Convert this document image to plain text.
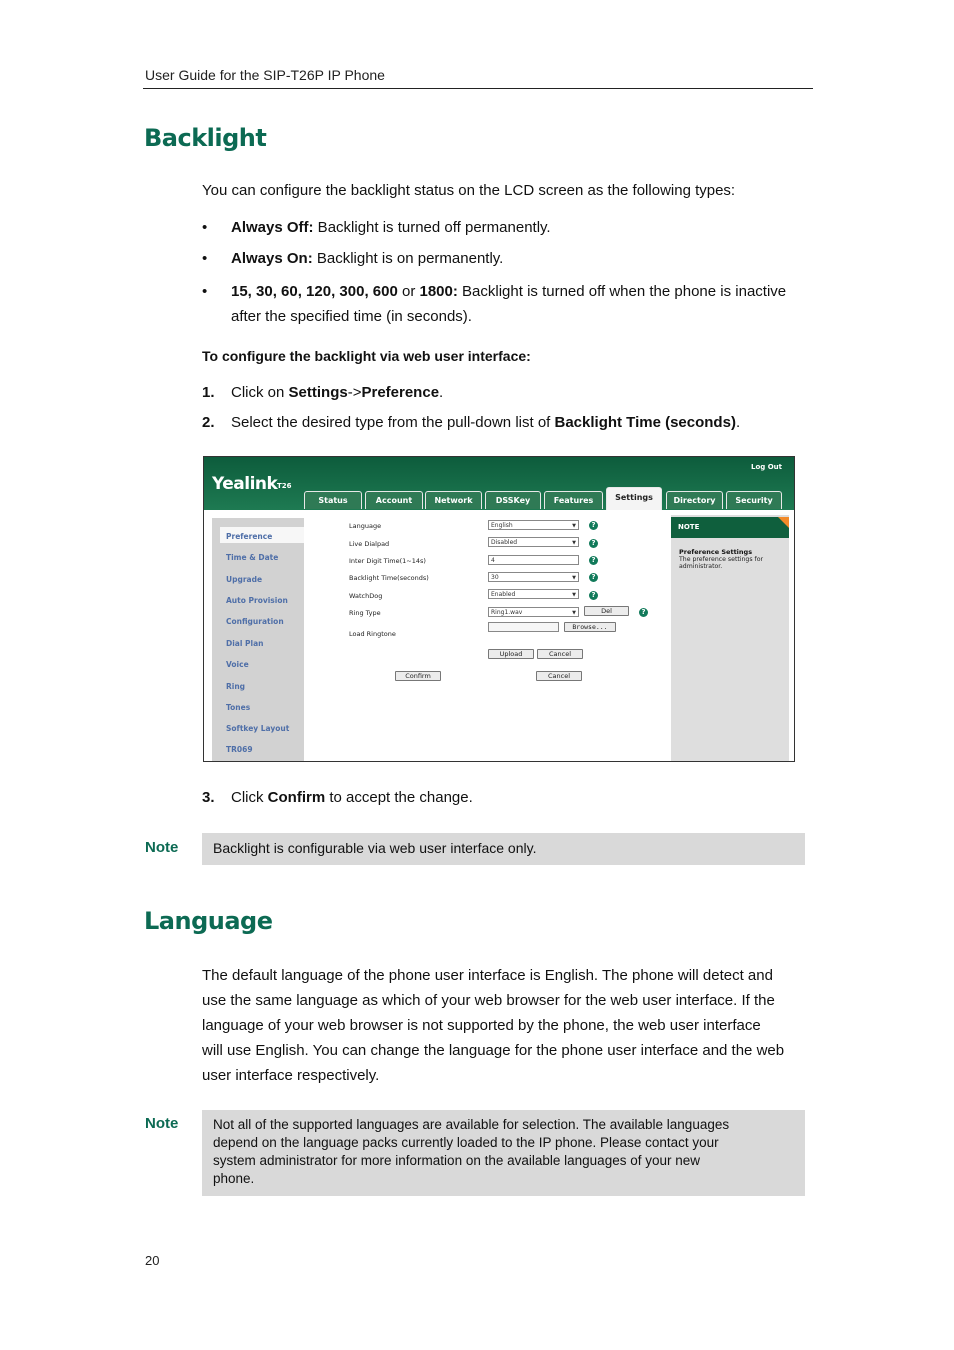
User Guide for the SIP-T26P IP Phone
Backlight
You can configure the backlight status on the LCD screen as the following types:
• Always Off: Backlight is turned off permanently.
• Always On: Backlight is on permanently.
• 15, 30, 60, 120, 300, 600 or 1800: Backlight is turned off when the phone is inactive
after the specified time (in seconds).
To configure the backlight via web user interface:
1. Click on Settings->Preference.
2. Select the desired type from the pull-down list of Backlight Time (seconds).
Yealink T26
Log Out
Status	Account	Network	DSSKey	Features	Settings	Directory	Security
Preference
Time & Date
Upgrade
Auto Provision
Configuration
Dial Plan
Voice
Ring
Tones
Softkey Layout
TR069
Language	English	▼	?
Live Dialpad	Disabled	▼	?
Inter Digit Time(1~14s)	4	?
Backlight Time(seconds)	30	▼	?
WatchDog	Enabled	▼	?
Ring Type	Ring1.wav	▼	Del	?
Load Ringtone
Browse...
Upload	Cancel
Confirm	Cancel
NOTE
Preference Settings
The preference settings for administrator.
3. Click Confirm to accept the change.
Note	Backlight is configurable via web user interface only.
Language
The default language of the phone user interface is English. The phone will detect and
use the same language as which of your web browser for the web user interface. If the
language of your web browser is not supported by the phone, the web user interface
will use English. You can change the language for the phone user interface and the web
user interface respectively.
Note	Not all of the supported languages are available for selection. The available languages
depend on the language packs currently loaded to the IP phone. Please contact your
system administrator for more information on the available languages of your new
phone.
20
